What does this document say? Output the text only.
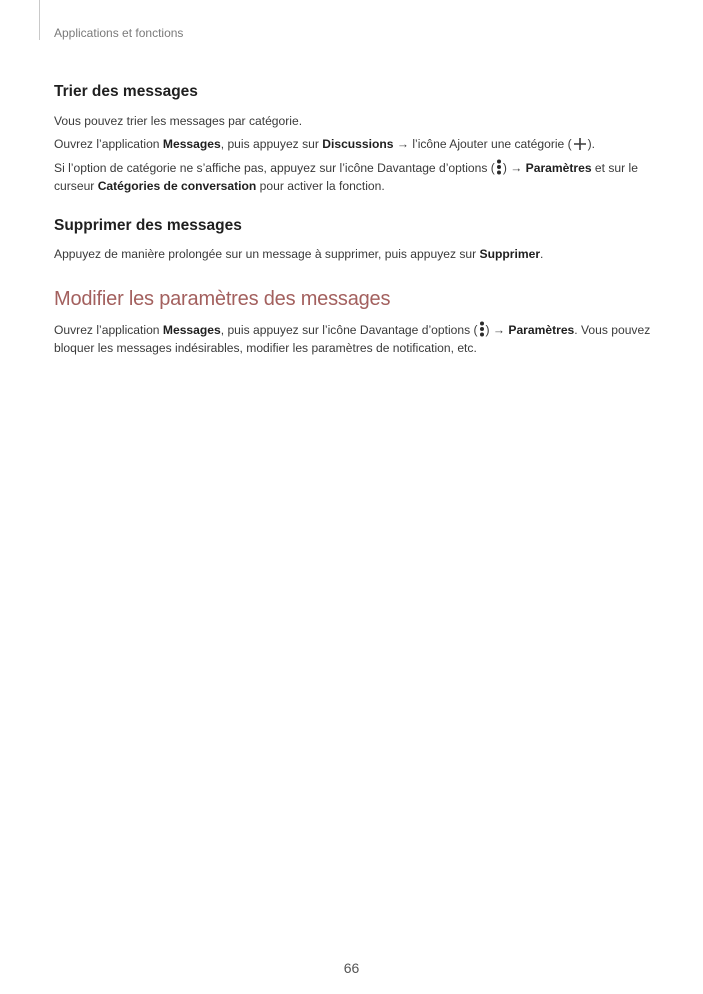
Applications et fonctions
Trier des messages

Vous pouvez trier les messages par catégorie.

Ouvrez l’application Messages, puis appuyez sur Discussions → l’icône Ajouter une catégorie ( ).

Si l’option de catégorie ne s’affiche pas, appuyez sur l’icône Davantage d’options ( ) → Paramètres et sur le curseur Catégories de conversation pour activer la fonction.

Supprimer des messages

Appuyez de manière prolongée sur un message à supprimer, puis appuyez sur Supprimer.

Modifier les paramètres des messages

Ouvrez l’application Messages, puis appuyez sur l’icône Davantage d’options ( ) → Paramètres. Vous pouvez bloquer les messages indésirables, modifier les paramètres de notification, etc.

66
